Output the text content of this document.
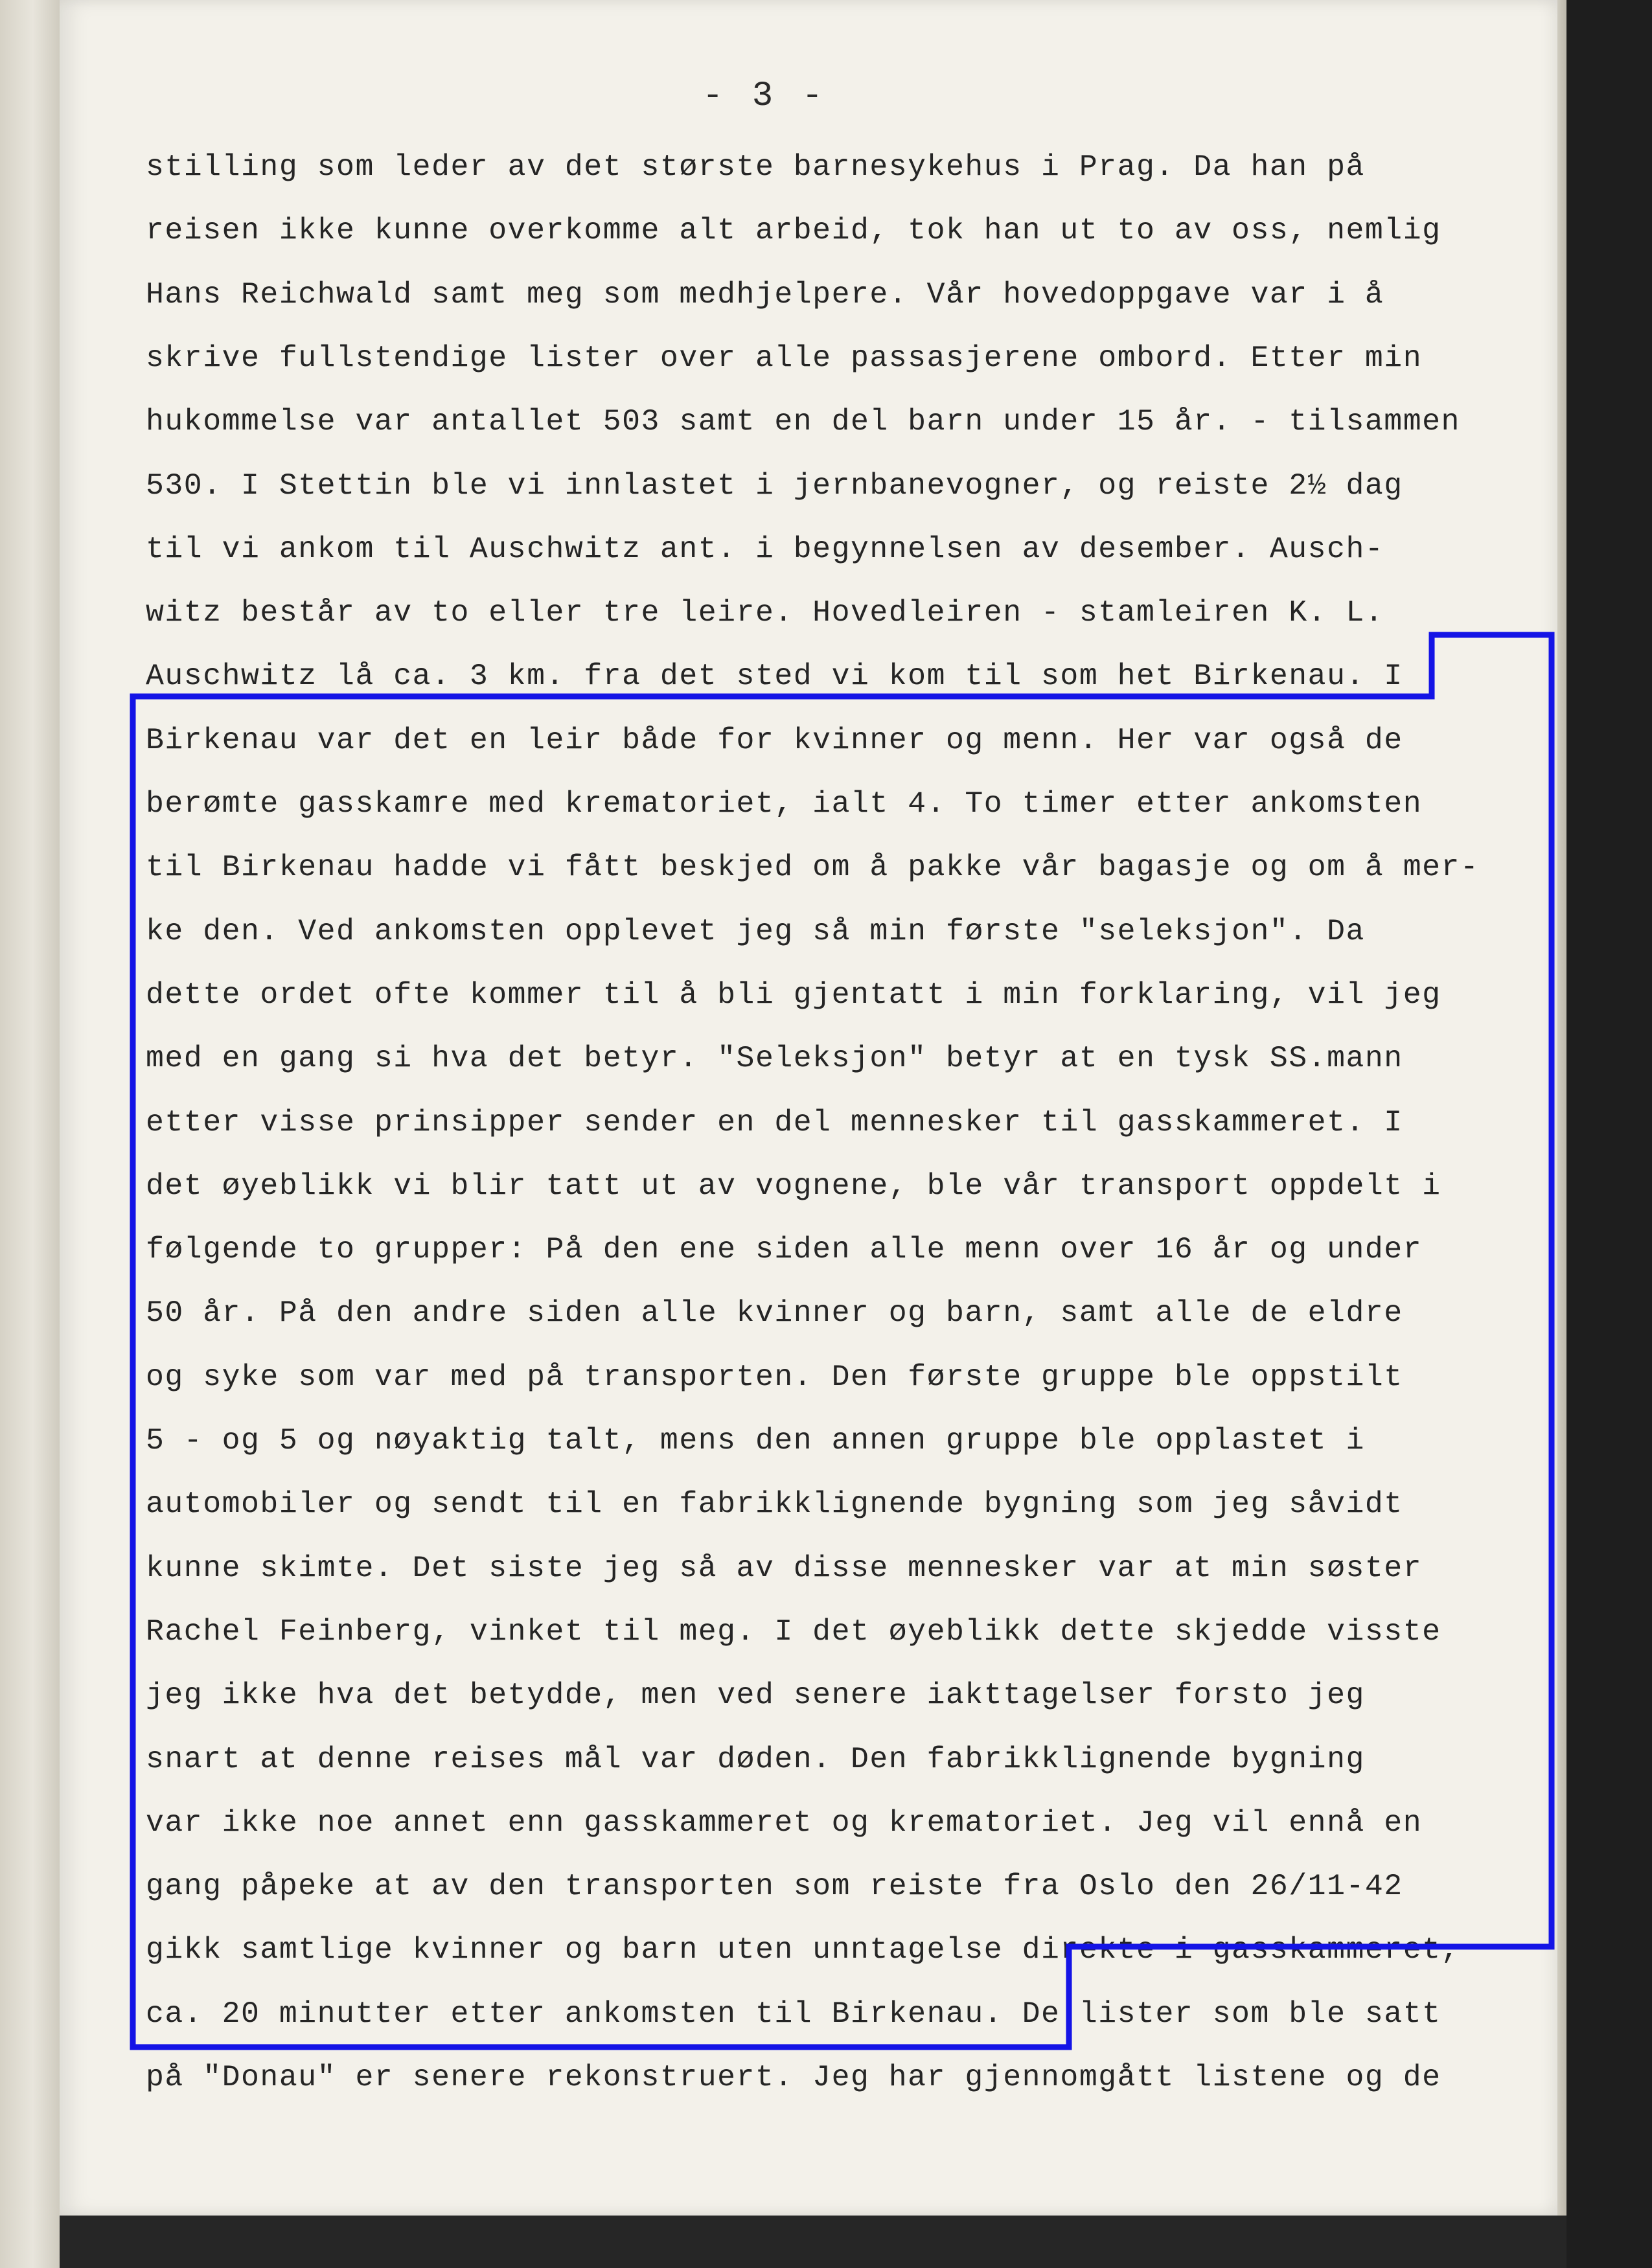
- 3 -
stilling som leder av det største barnesykehus i Prag. Da han på
reisen ikke kunne overkomme alt arbeid, tok han ut to av oss, nemlig
Hans Reichwald samt meg som medhjelpere. Vår hovedoppgave var i å
skrive fullstendige lister over alle passasjerene ombord. Etter min
hukommelse var antallet 503 samt en del barn under 15 år. - tilsammen
530. I Stettin ble vi innlastet i jernbanevogner, og reiste 2½ dag
til vi ankom til Auschwitz ant. i begynnelsen av desember. Ausch-
witz består av to eller tre leire. Hovedleiren - stamleiren K. L.
Auschwitz lå ca. 3 km. fra det sted vi kom til som het Birkenau. I
Birkenau var det en leir både for kvinner og menn. Her var også de
berømte gasskamre med krematoriet, ialt 4. To timer etter ankomsten
til Birkenau hadde vi fått beskjed om å pakke vår bagasje og om å mer-
ke den. Ved ankomsten opplevet jeg så min første "seleksjon". Da
dette ordet ofte kommer til å bli gjentatt i min forklaring, vil jeg
med en gang si hva det betyr. "Seleksjon" betyr at en tysk SS.mann
etter visse prinsipper sender en del mennesker til gasskammeret. I
det øyeblikk vi blir tatt ut av vognene, ble vår transport oppdelt i
følgende to grupper: På den ene siden alle menn over 16 år og under
50 år. På den andre siden alle kvinner og barn, samt alle de eldre
og syke som var med på transporten. Den første gruppe ble oppstilt
5 - og 5 og nøyaktig talt, mens den annen gruppe ble opplastet i
automobiler og sendt til en fabrikklignende bygning som jeg såvidt
kunne skimte. Det siste jeg så av disse mennesker var at min søster
Rachel Feinberg, vinket til meg. I det øyeblikk dette skjedde visste
jeg ikke hva det betydde, men ved senere iakttagelser forsto jeg
snart at denne reises mål var døden. Den fabrikklignende bygning
var ikke noe annet enn gasskammeret og krematoriet. Jeg vil ennå en
gang påpeke at av den transporten som reiste fra Oslo den 26/11-42
gikk samtlige kvinner og barn uten unntagelse direkte i gasskammeret,
ca. 20 minutter etter ankomsten til Birkenau. De lister som ble satt
på "Donau" er senere rekonstruert. Jeg har gjennomgått listene og de
